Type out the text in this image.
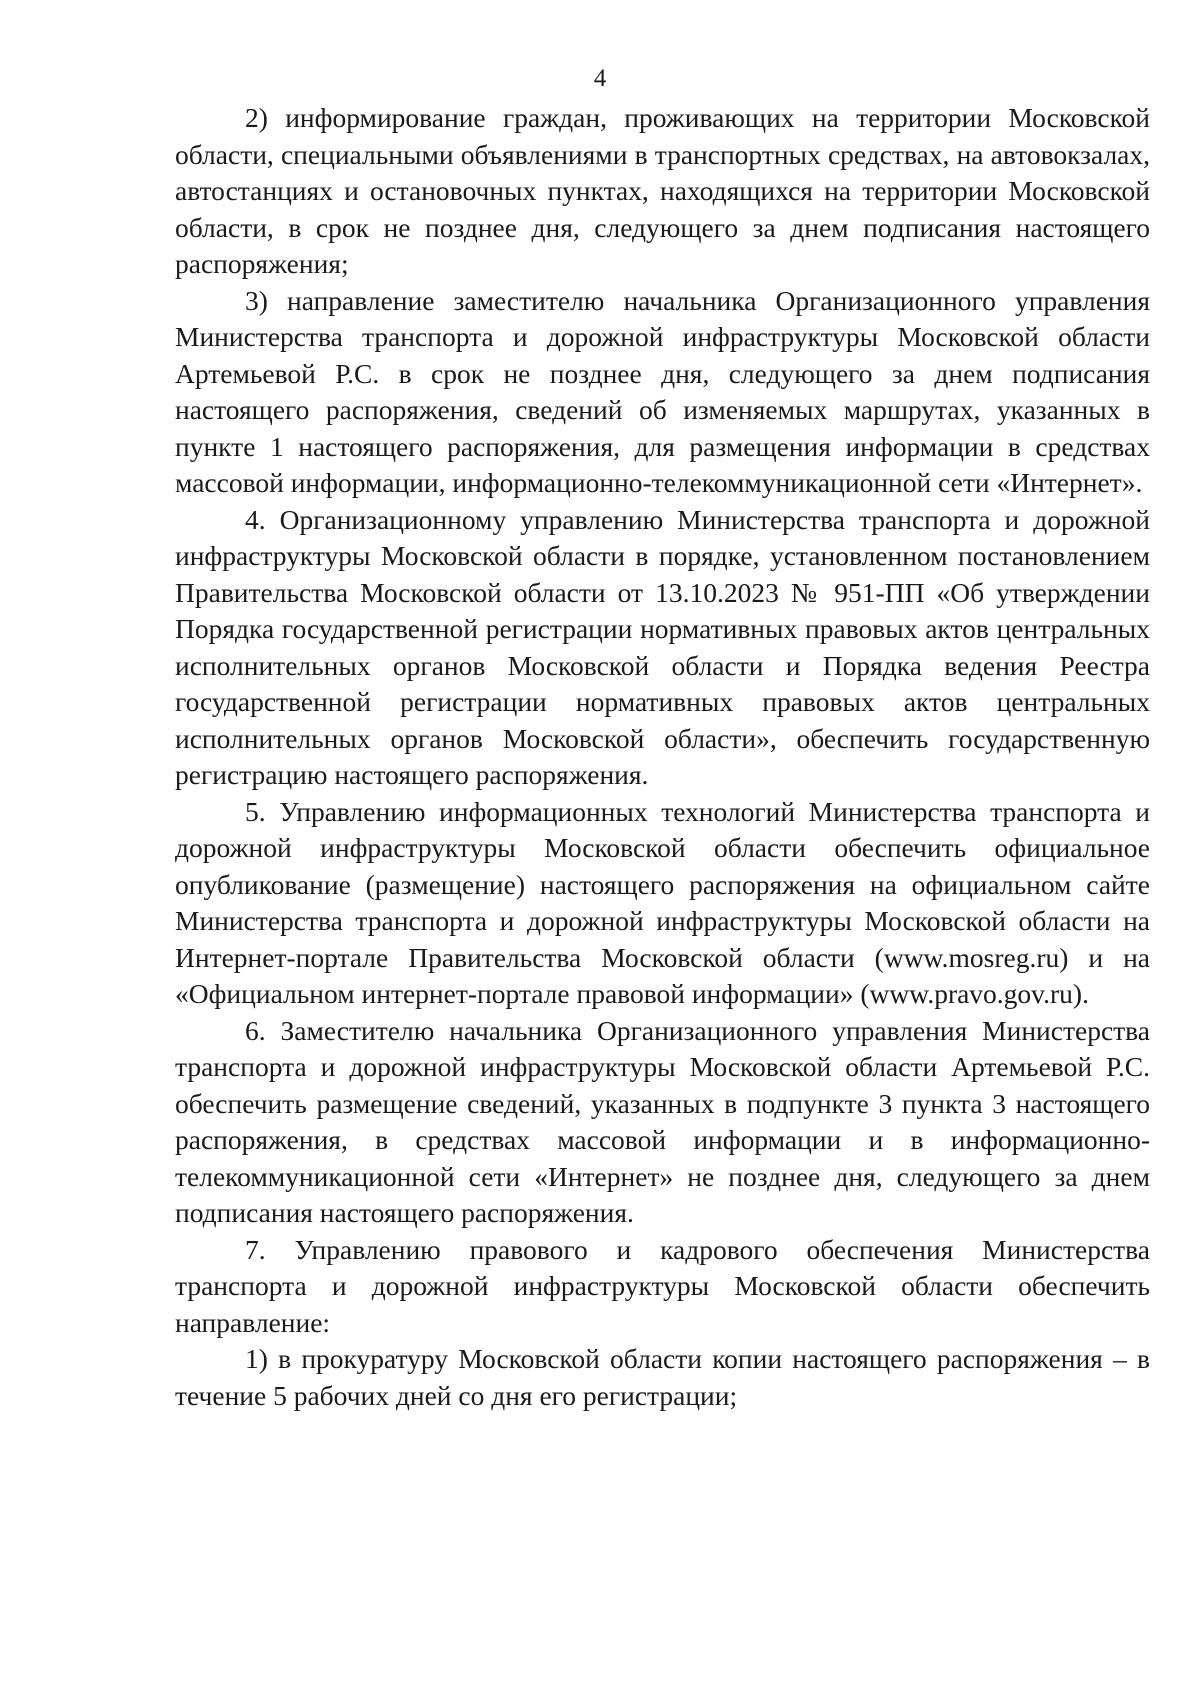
4

2) информирование граждан, проживающих на территории Московской области, специальными объявлениями в транспортных средствах, на автовокзалах, автостанциях и остановочных пунктах, находящихся на территории Московской области, в срок не позднее дня, следующего за днем подписания настоящего распоряжения;

3) направление заместителю начальника Организационного управления Министерства транспорта и дорожной инфраструктуры Московской области Артемьевой Р.С. в срок не позднее дня, следующего за днем подписания настоящего распоряжения, сведений об изменяемых маршрутах, указанных в пункте 1 настоящего распоряжения, для размещения информации в средствах массовой информации, информационно-телекоммуникационной сети «Интернет».

4. Организационному управлению Министерства транспорта и дорожной инфраструктуры Московской области в порядке, установленном постановлением Правительства Московской области от 13.10.2023 № 951-ПП «Об утверждении Порядка государственной регистрации нормативных правовых актов центральных исполнительных органов Московской области и Порядка ведения Реестра государственной регистрации нормативных правовых актов центральных исполнительных органов Московской области», обеспечить государственную регистрацию настоящего распоряжения.

5. Управлению информационных технологий Министерства транспорта и дорожной инфраструктуры Московской области обеспечить официальное опубликование (размещение) настоящего распоряжения на официальном сайте Министерства транспорта и дорожной инфраструктуры Московской области на Интернет-портале Правительства Московской области (www.mosreg.ru) и на «Официальном интернет-портале правовой информации» (www.pravo.gov.ru).

6. Заместителю начальника Организационного управления Министерства транспорта и дорожной инфраструктуры Московской области Артемьевой Р.С. обеспечить размещение сведений, указанных в подпункте 3 пункта 3 настоящего распоряжения, в средствах массовой информации и в информационно-телекоммуникационной сети «Интернет» не позднее дня, следующего за днем подписания настоящего распоряжения.

7. Управлению правового и кадрового обеспечения Министерства транспорта и дорожной инфраструктуры Московской области обеспечить направление:

1) в прокуратуру Московской области копии настоящего распоряжения – в течение 5 рабочих дней со дня его регистрации;
